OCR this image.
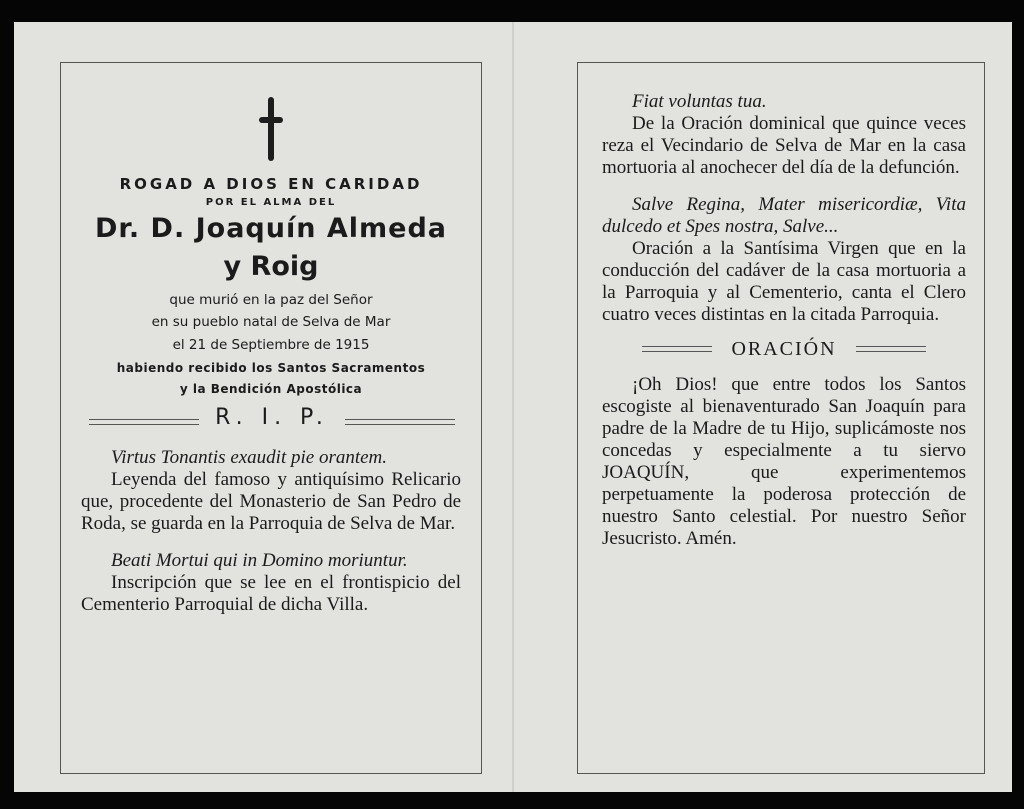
ROGAD A DIOS EN CARIDAD
POR EL ALMA DEL
Dr. D. Joaquín Almeda
y Roig
que murió en la paz del Señor
en su pueblo natal de Selva de Mar
el 21 de Septiembre de 1915
habiendo recibido los Santos Sacramentos
y la Bendición Apostólica
R. I. P.

Virtus Tonantis exaudit pie orantem.

Leyenda del famoso y antiquísimo Relicario que, procedente del Monasterio de San Pedro de Roda, se guarda en la Parroquia de Selva de Mar.

Beati Mortui qui in Domino moriuntur.

Inscripción que se lee en el frontispicio del Cementerio Parroquial de dicha Villa.

Fiat voluntas tua.

De la Oración dominical que quince veces reza el Vecindario de Selva de Mar en la casa mortuoria al anochecer del día de la defunción.

Salve Regina, Mater misericordiæ, Vita dulcedo et Spes nostra, Salve...

Oración a la Santísima Virgen que en la conducción del cadáver de la casa mortuoria a la Parroquia y al Cementerio, canta el Clero cuatro veces distintas en la citada Parroquia.

ORACIÓN

¡Oh Dios! que entre todos los Santos escogiste al bienaventurado San Joaquín para padre de la Madre de tu Hijo, suplicámoste nos concedas y especialmente a tu siervo JOAQUÍN, que experimentemos perpetuamente la poderosa protección de nuestro Santo celestial. Por nuestro Señor Jesucristo. Amén.
